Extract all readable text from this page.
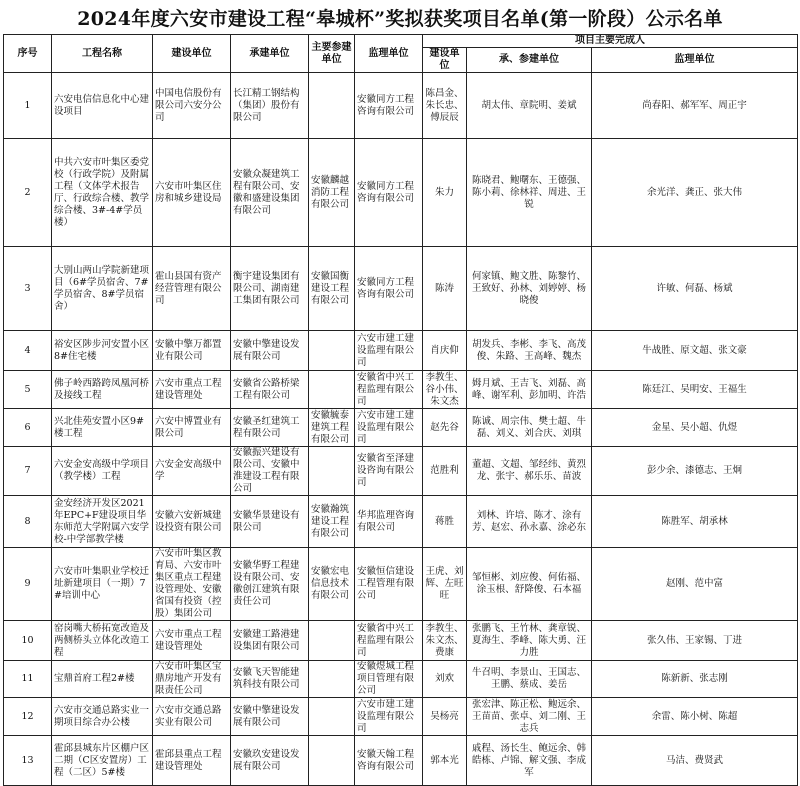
2024年度六安市建设工程“皋城杯”奖拟获奖项目名单(第一阶段）公示名单
序号	工程名称	建设单位	承建单位	主要参建单位	监理单位	项目主要完成人		
						建设单位	承、参建单位	监理单位
1	六安电信信息化中心建设项目	中国电信股份有限公司六安分公司	长江精工钢结构（集团）股份有限公司		安徽同方工程咨询有限公司	陈昌金、朱长忠、傅辰辰	胡太伟、章院明、姜斌	尚春阳、郝军军、周正宇
2	中共六安市叶集区委党校（行政学院）及附属工程（文体学术报告厅、行政综合楼、教学综合楼、3#-4#学员楼）	六安市叶集区住房和城乡建设局	安徽众凝建筑工程有限公司、安徽和盛建设集团有限公司	安徽麟越消防工程有限公司	安徽同方工程咨询有限公司	朱力	陈晓君、鲍曙东、王德强、陈小莉、徐林祥、周进、王锐	余光洋、龚正、张大伟
3	大别山两山学院新建项目（6#学员宿舍、7#学员宿舍、8#学员宿舍）	霍山县国有资产经营管理有限公司	衡宇建设集团有限公司、湖南建工集团有限公司	安徽国衡建设工程有限公司	安徽同方工程咨询有限公司	陈涛	何家镇、鲍文胜、陈黎竹、王致好、孙林、刘婷婷、杨晓俊	许敏、何磊、杨斌
4	裕安区陟步河安置小区8#住宅楼	安徽中擎万都置业有限公司	安徽中擎建设发展有限公司		六安市建工建设监理有限公司	肖庆仰	胡发兵、李彬、李飞、高茂俊、朱路、王高峰、魏杰	牛战胜、原文超、张文豪
5	佛子岭西路跨凤凰河桥及接线工程	六安市重点工程建设管理处	安徽省公路桥梁工程有限公司		安徽省中兴工程监理有限公司	李教生、谷小伟、朱文杰	姆月斌、王吉飞、刘磊、高峰、谢军利、彭加明、许浩	陈廷江、吴明安、王福生
6	兴北佳苑安置小区9#楼工程	六安中博置业有限公司	安徽圣红建筑工程有限公司	安徽毓泰建筑工程有限公司	六安市建工建设监理有限公司	赵先谷	陈诚、周宗伟、樊士超、牛磊、刘义、刘合庆、刘琪	金星、吴小超、仇煜
7	六安金安高级中学项目（教学楼）工程	六安金安高级中学	安徽振兴建设有限公司、安徽中淮建设工程有限公司		安徽省至泽建设咨询有限公司	范胜利	董超、文超、邹经纬、黄烈龙、张宇、郝乐乐、苗波	彭少余、漆德志、王炯
8	金安经济开发区2021年EPC+F建设项目华东师范大学附属六安学校-中学部教学楼	安徽六安新城建设投资有限公司	安徽华景建设有限公司	安徽瀚筑建设工程有限公司	华邦监理咨询有限公司	蒋胜	刘林、许培、陈才、涂有芳、赵宏、孙永嘉、涂必东	陈胜军、胡承林
9	六安市叶集职业学校迁址新建项目（一期）7#培训中心	六安市叶集区教育局、六安市叶集区重点工程建设管理处、安徽省国有投资（控股）集团公司	安徽华野工程建设有限公司、安徽创江建筑有限责任公司	安徽宏电信息技术有限公司	安徽恒信建设工程管理有限公司	王虎、刘辉、左旺旺	邹恒彬、刘应俊、何佑福、涂玉根、舒降俊、石本福	赵刚、范中富
10	窑岗嘴大桥拓宽改造及两侧桥头立体化改造工程	六安市重点工程建设管理处	安徽建工路港建设集团有限公司		安徽省中兴工程监理有限公司	李教生、朱文杰、费康	张鹏飞、王竹林、龚章锐、夏海生、季峰、陈大勇、汪力胜	张久伟、王家锡、丁进
11	宝鼎首府工程2#楼	六安市叶集区宝鼎房地产开发有限责任公司	安徽飞天智能建筑科技有限公司		安徽煜城工程项目管理有限公司	刘欢	牛召明、李景山、王国志、王鹏、蔡成、姜岳	陈新新、张志刚
12	六安市交通总路实业一期项目综合办公楼	六安市交通总路实业有限公司	安徽中擎建设发展有限公司		六安市建工建设监理有限公司	吴杨亮	张宏津、陈正松、鲍远余、王苗苗、张卓、刘二刚、王志兵	余雷、陈小树、陈超
13	霍邱县城东片区棚户区二期（C区安置房）工程（二区）5#楼	霍邱县重点工程建设管理处	安徽玖安建设发展有限公司		安徽天翰工程咨询有限公司	郭本光	戚程、汤长生、鲍远余、韩皓栋、卢锦、解文强、李成军	马洁、费贤武
